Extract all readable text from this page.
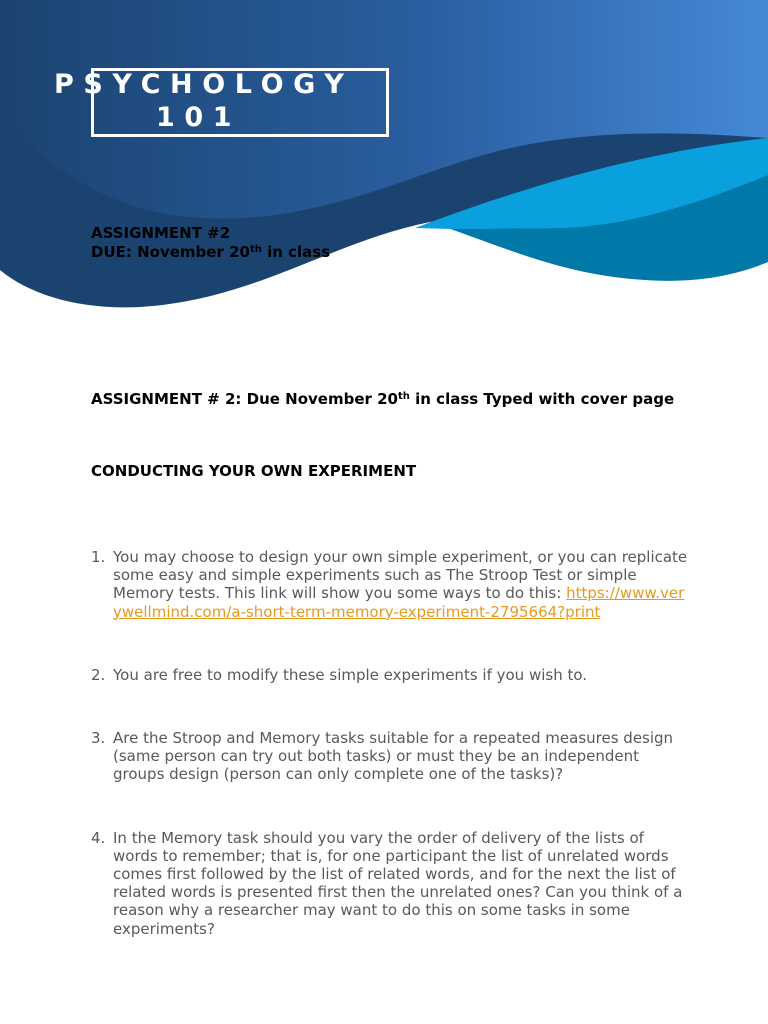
PSYCHOLOGY
101
ASSIGNMENT #2
DUE: November 20th in class
ASSIGNMENT # 2: Due November 20th in class Typed with cover page
CONDUCTING YOUR OWN EXPERIMENT
1. You may choose to design your own simple experiment, or you can replicate some easy and simple experiments such as The Stroop Test or simple Memory tests. This link will show you some ways to do this: https://www.verywellmind.com/a-short-term-memory-experiment-2795664?print
2. You are free to modify these simple experiments if you wish to.
3. Are the Stroop and Memory tasks suitable for a repeated measures design (same person can try out both tasks) or must they be an independent groups design (person can only complete one of the tasks)?
4. In the Memory task should you vary the order of delivery of the lists of words to remember; that is, for one participant the list of unrelated words comes first followed by the list of related words, and for the next the list of related words is presented first then the unrelated ones? Can you think of a reason why a researcher may want to do this on some tasks in some experiments?
